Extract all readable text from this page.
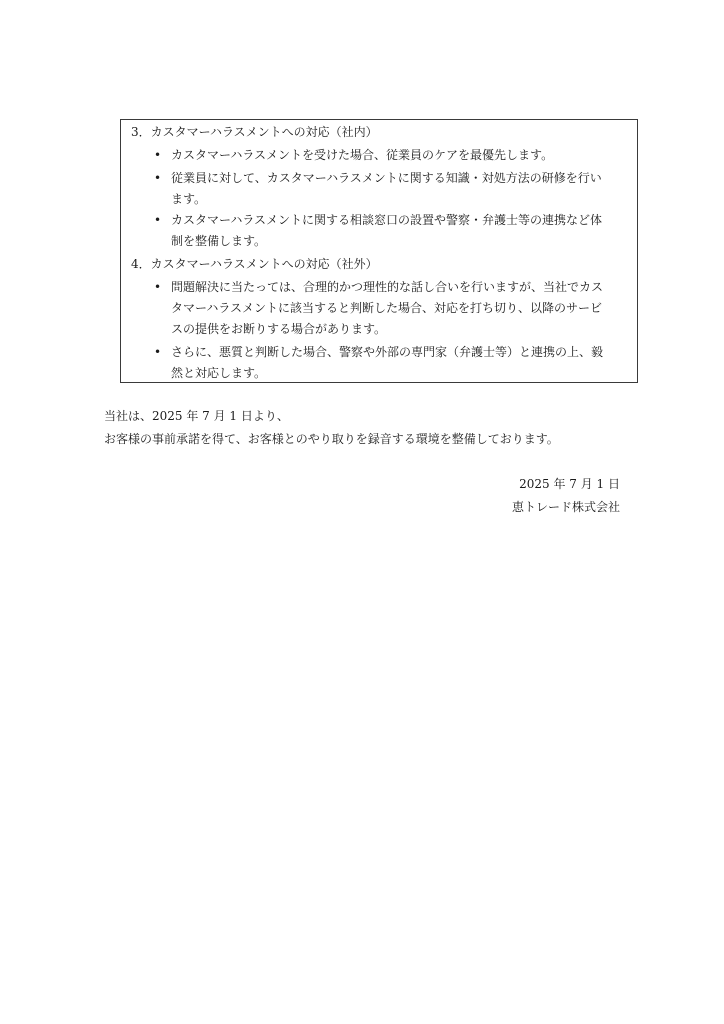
3．カスタマーハラスメントへの対応（社内）
• カスタマーハラスメントを受けた場合、従業員のケアを最優先します。
• 従業員に対して、カスタマーハラスメントに関する知識・対処方法の研修を行い
ます。
• カスタマーハラスメントに関する相談窓口の設置や警察・弁護士等の連携など体
制を整備します。
4．カスタマーハラスメントへの対応（社外）
• 問題解決に当たっては、合理的かつ理性的な話し合いを行いますが、当社でカス
タマーハラスメントに該当すると判断した場合、対応を打ち切り、以降のサービ
スの提供をお断りする場合があります。
• さらに、悪質と判断した場合、警察や外部の専門家（弁護士等）と連携の上、毅
然と対応します。
当社は、2025 年 7 月 1 日より、
お客様の事前承諾を得て、お客様とのやり取りを録音する環境を整備しております。
2025 年 7 月 1 日
恵トレード株式会社
